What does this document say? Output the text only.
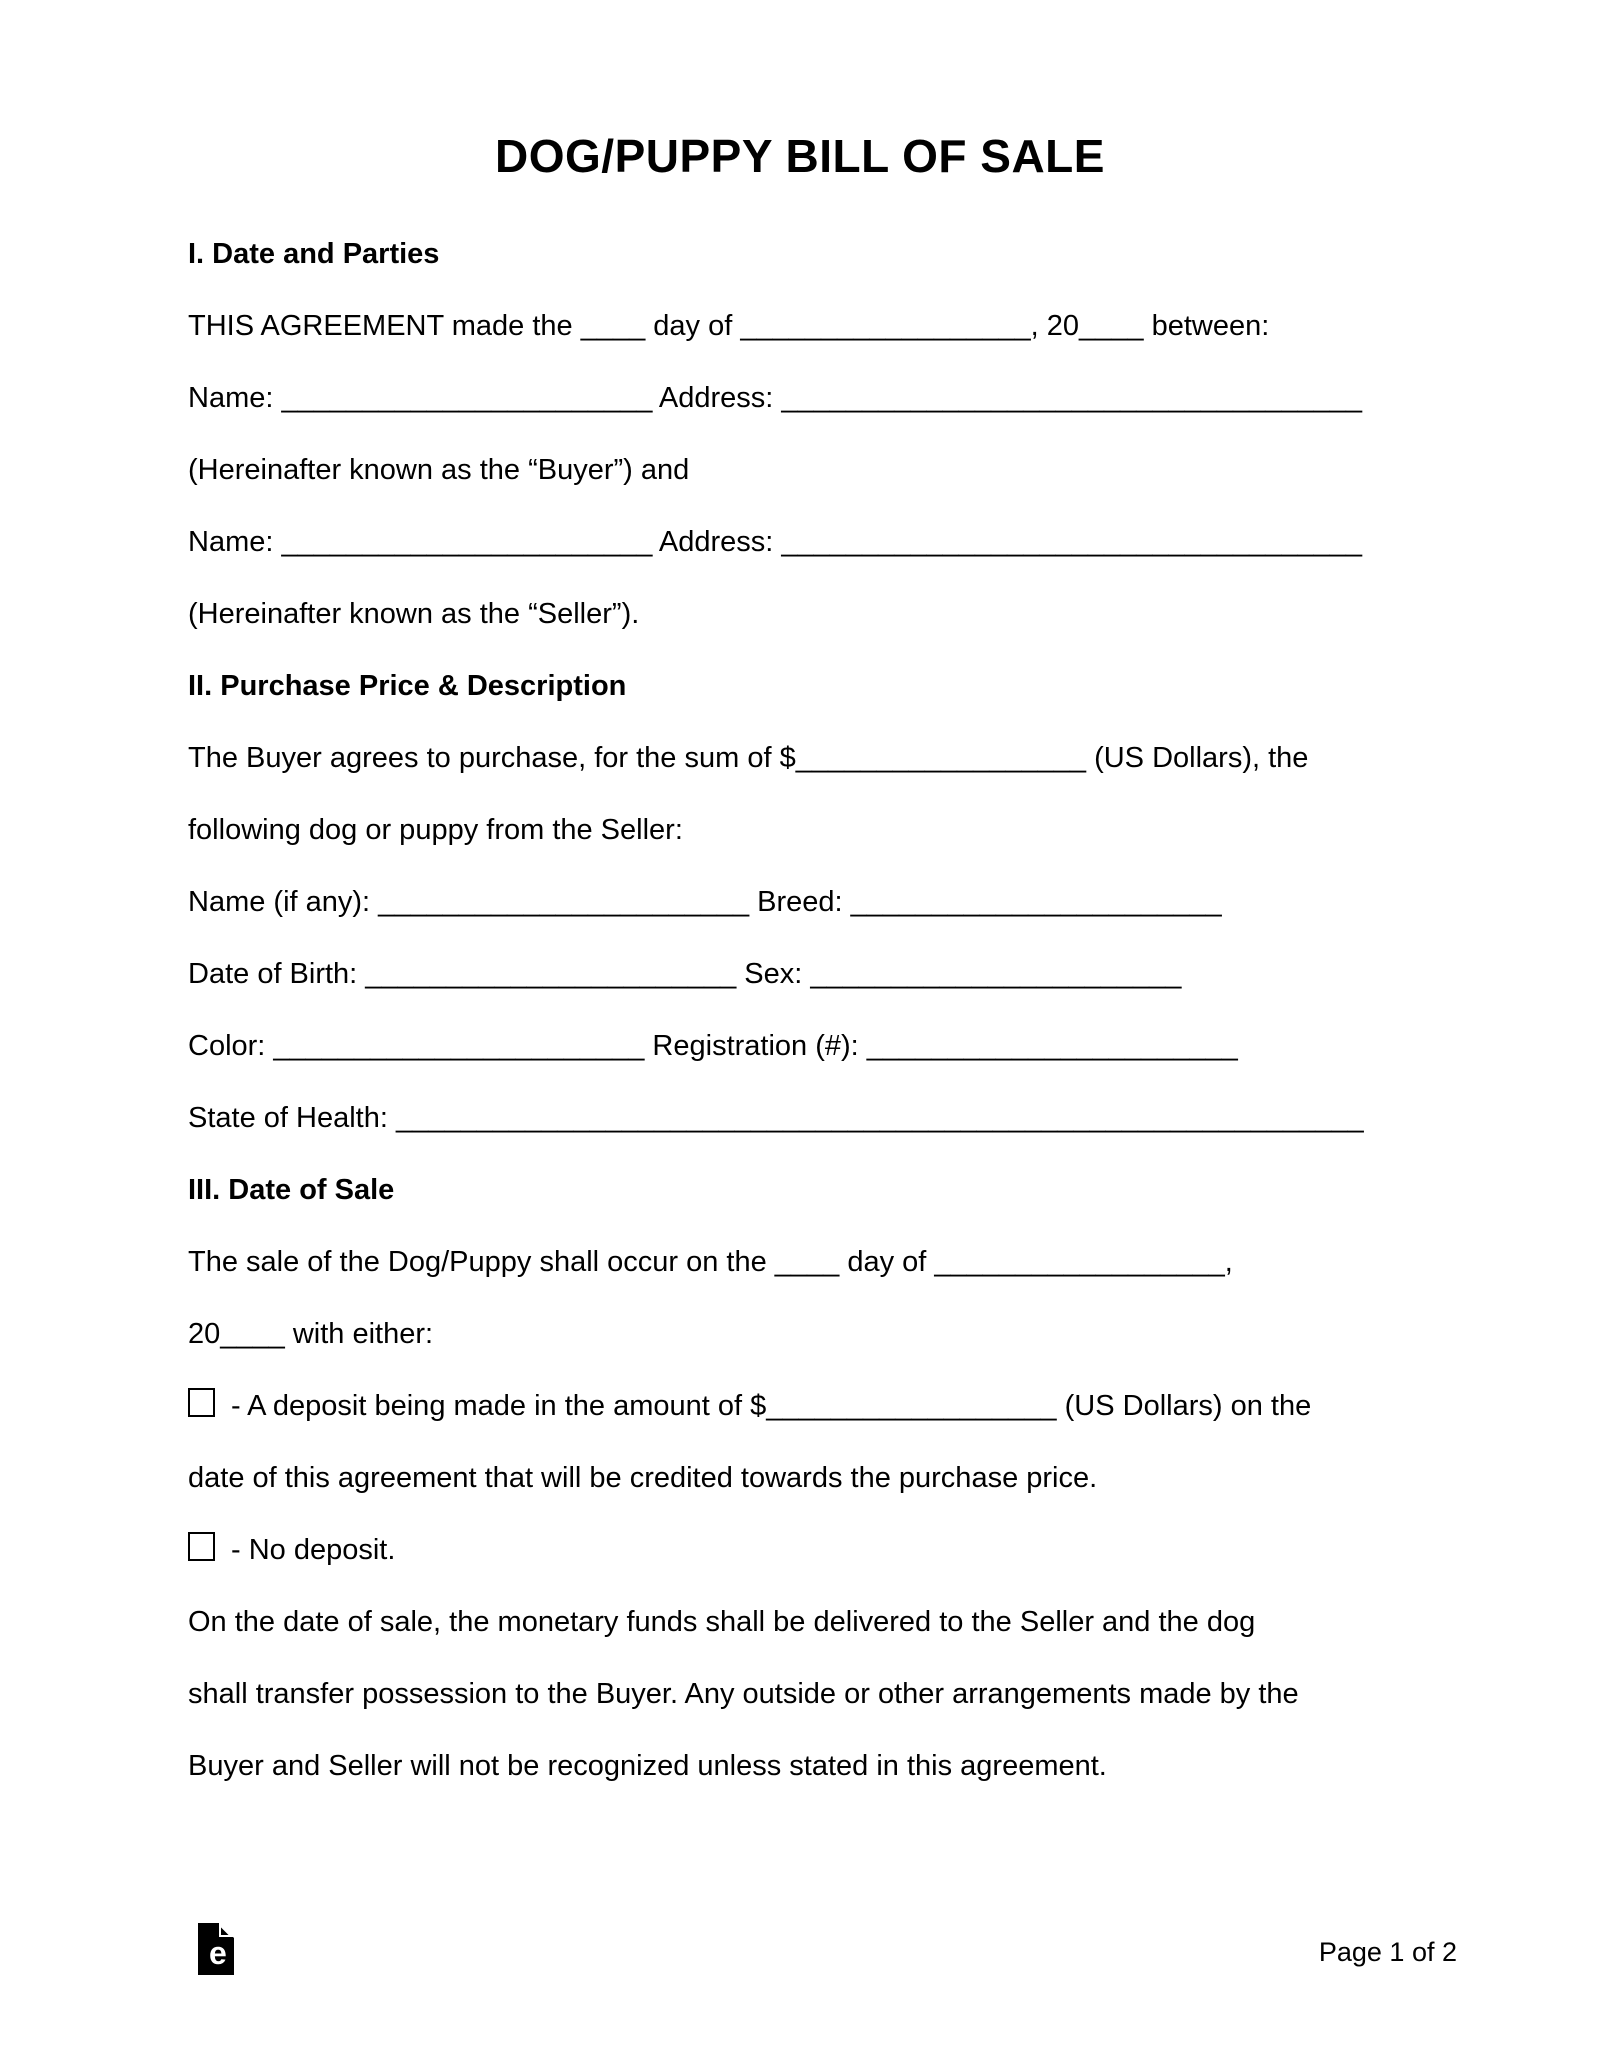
DOG/PUPPY BILL OF SALE

I. Date and Parties

THIS AGREEMENT made the ____ day of __________________, 20____ between:

Name: _______________________ Address: ____________________________________

(Hereinafter known as the “Buyer”) and

Name: _______________________ Address: ____________________________________

(Hereinafter known as the “Seller”).

II. Purchase Price & Description

The Buyer agrees to purchase, for the sum of $__________________ (US Dollars), the

following dog or puppy from the Seller:

Name (if any): _______________________ Breed: _______________________

Date of Birth: _______________________ Sex: _______________________

Color: _______________________ Registration (#): _______________________

State of Health: ____________________________________________________________

III. Date of Sale

The sale of the Dog/Puppy shall occur on the ____ day of __________________,

20____ with either:

- A deposit being made in the amount of $__________________ (US Dollars) on the

date of this agreement that will be credited towards the purchase price.

- No deposit.

On the date of sale, the monetary funds shall be delivered to the Seller and the dog

shall transfer possession to the Buyer. Any outside or other arrangements made by the

Buyer and Seller will not be recognized unless stated in this agreement.

e	Page 1 of 2
